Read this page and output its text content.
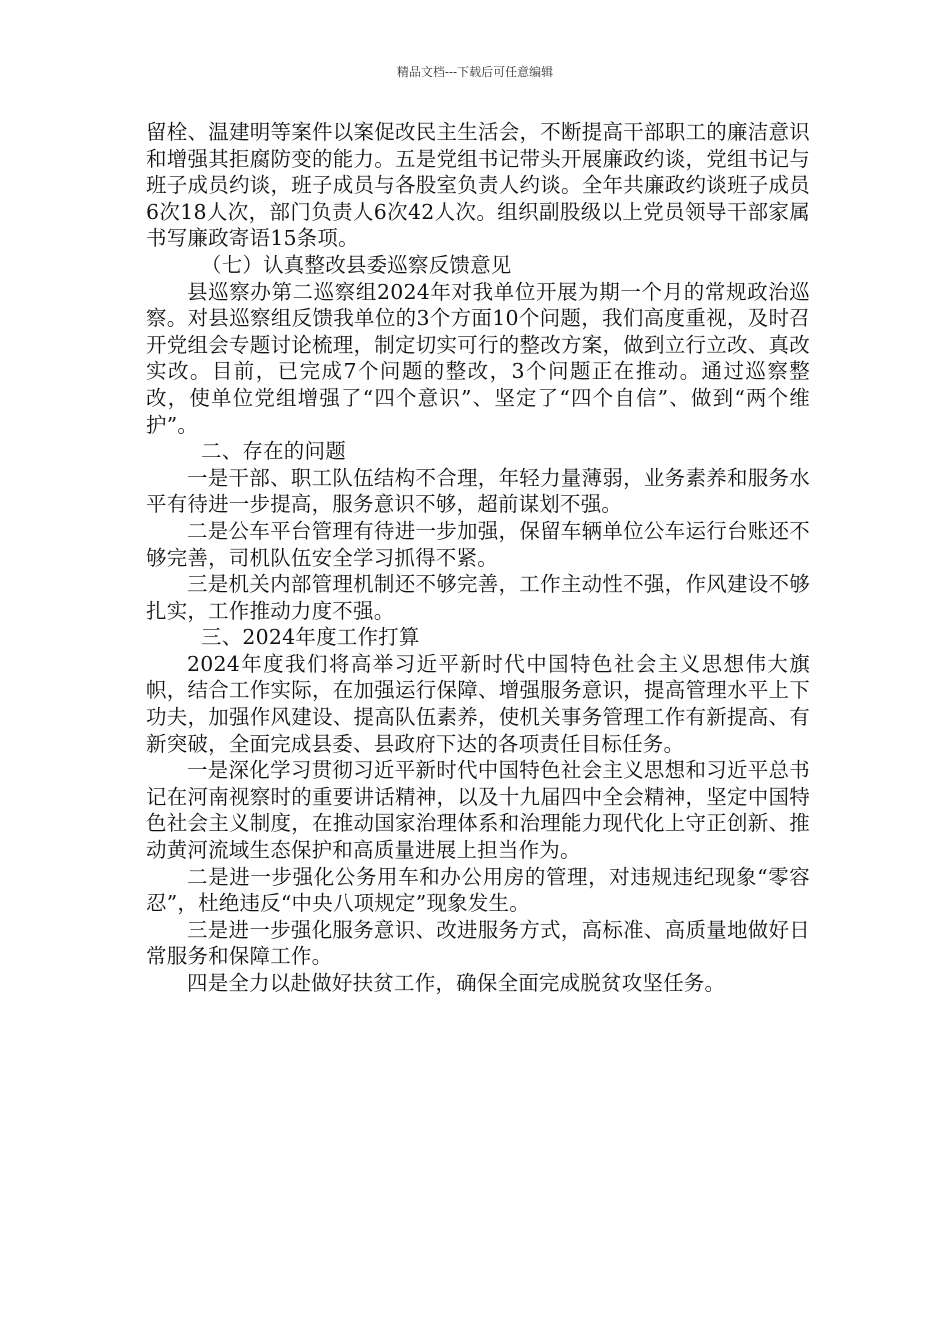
精品文档---下载后可任意编辑

留栓、温建明等案件以案促改民主生活会，不断提高干部职工的廉洁意识和增强其拒腐防变的能力。五是党组书记带头开展廉政约谈，党组书记与班子成员约谈，班子成员与各股室负责人约谈。全年共廉政约谈班子成员6次18人次，部门负责人6次42人次。组织副股级以上党员领导干部家属书写廉政寄语15条项。

（七）认真整改县委巡察反馈意见

县巡察办第二巡察组2024年对我单位开展为期一个月的常规政治巡察。对县巡察组反馈我单位的3个方面10个问题，我们高度重视，及时召开党组会专题讨论梳理，制定切实可行的整改方案，做到立行立改、真改实改。目前，已完成7个问题的整改，3个问题正在推动。通过巡察整改，使单位党组增强了“四个意识”、坚定了“四个自信”、做到“两个维护”。

二、存在的问题

一是干部、职工队伍结构不合理，年轻力量薄弱，业务素养和服务水平有待进一步提高，服务意识不够，超前谋划不强。

二是公车平台管理有待进一步加强，保留车辆单位公车运行台账还不够完善，司机队伍安全学习抓得不紧。

三是机关内部管理机制还不够完善，工作主动性不强，作风建设不够扎实，工作推动力度不强。

三、2024年度工作打算

2024年度我们将高举习近平新时代中国特色社会主义思想伟大旗帜，结合工作实际，在加强运行保障、增强服务意识，提高管理水平上下功夫，加强作风建设、提高队伍素养，使机关事务管理工作有新提高、有新突破，全面完成县委、县政府下达的各项责任目标任务。

一是深化学习贯彻习近平新时代中国特色社会主义思想和习近平总书记在河南视察时的重要讲话精神，以及十九届四中全会精神，坚定中国特色社会主义制度，在推动国家治理体系和治理能力现代化上守正创新、推动黄河流域生态保护和高质量进展上担当作为。

二是进一步强化公务用车和办公用房的管理，对违规违纪现象“零容忍”，杜绝违反“中央八项规定”现象发生。

三是进一步强化服务意识、改进服务方式，高标准、高质量地做好日常服务和保障工作。

四是全力以赴做好扶贫工作，确保全面完成脱贫攻坚任务。
